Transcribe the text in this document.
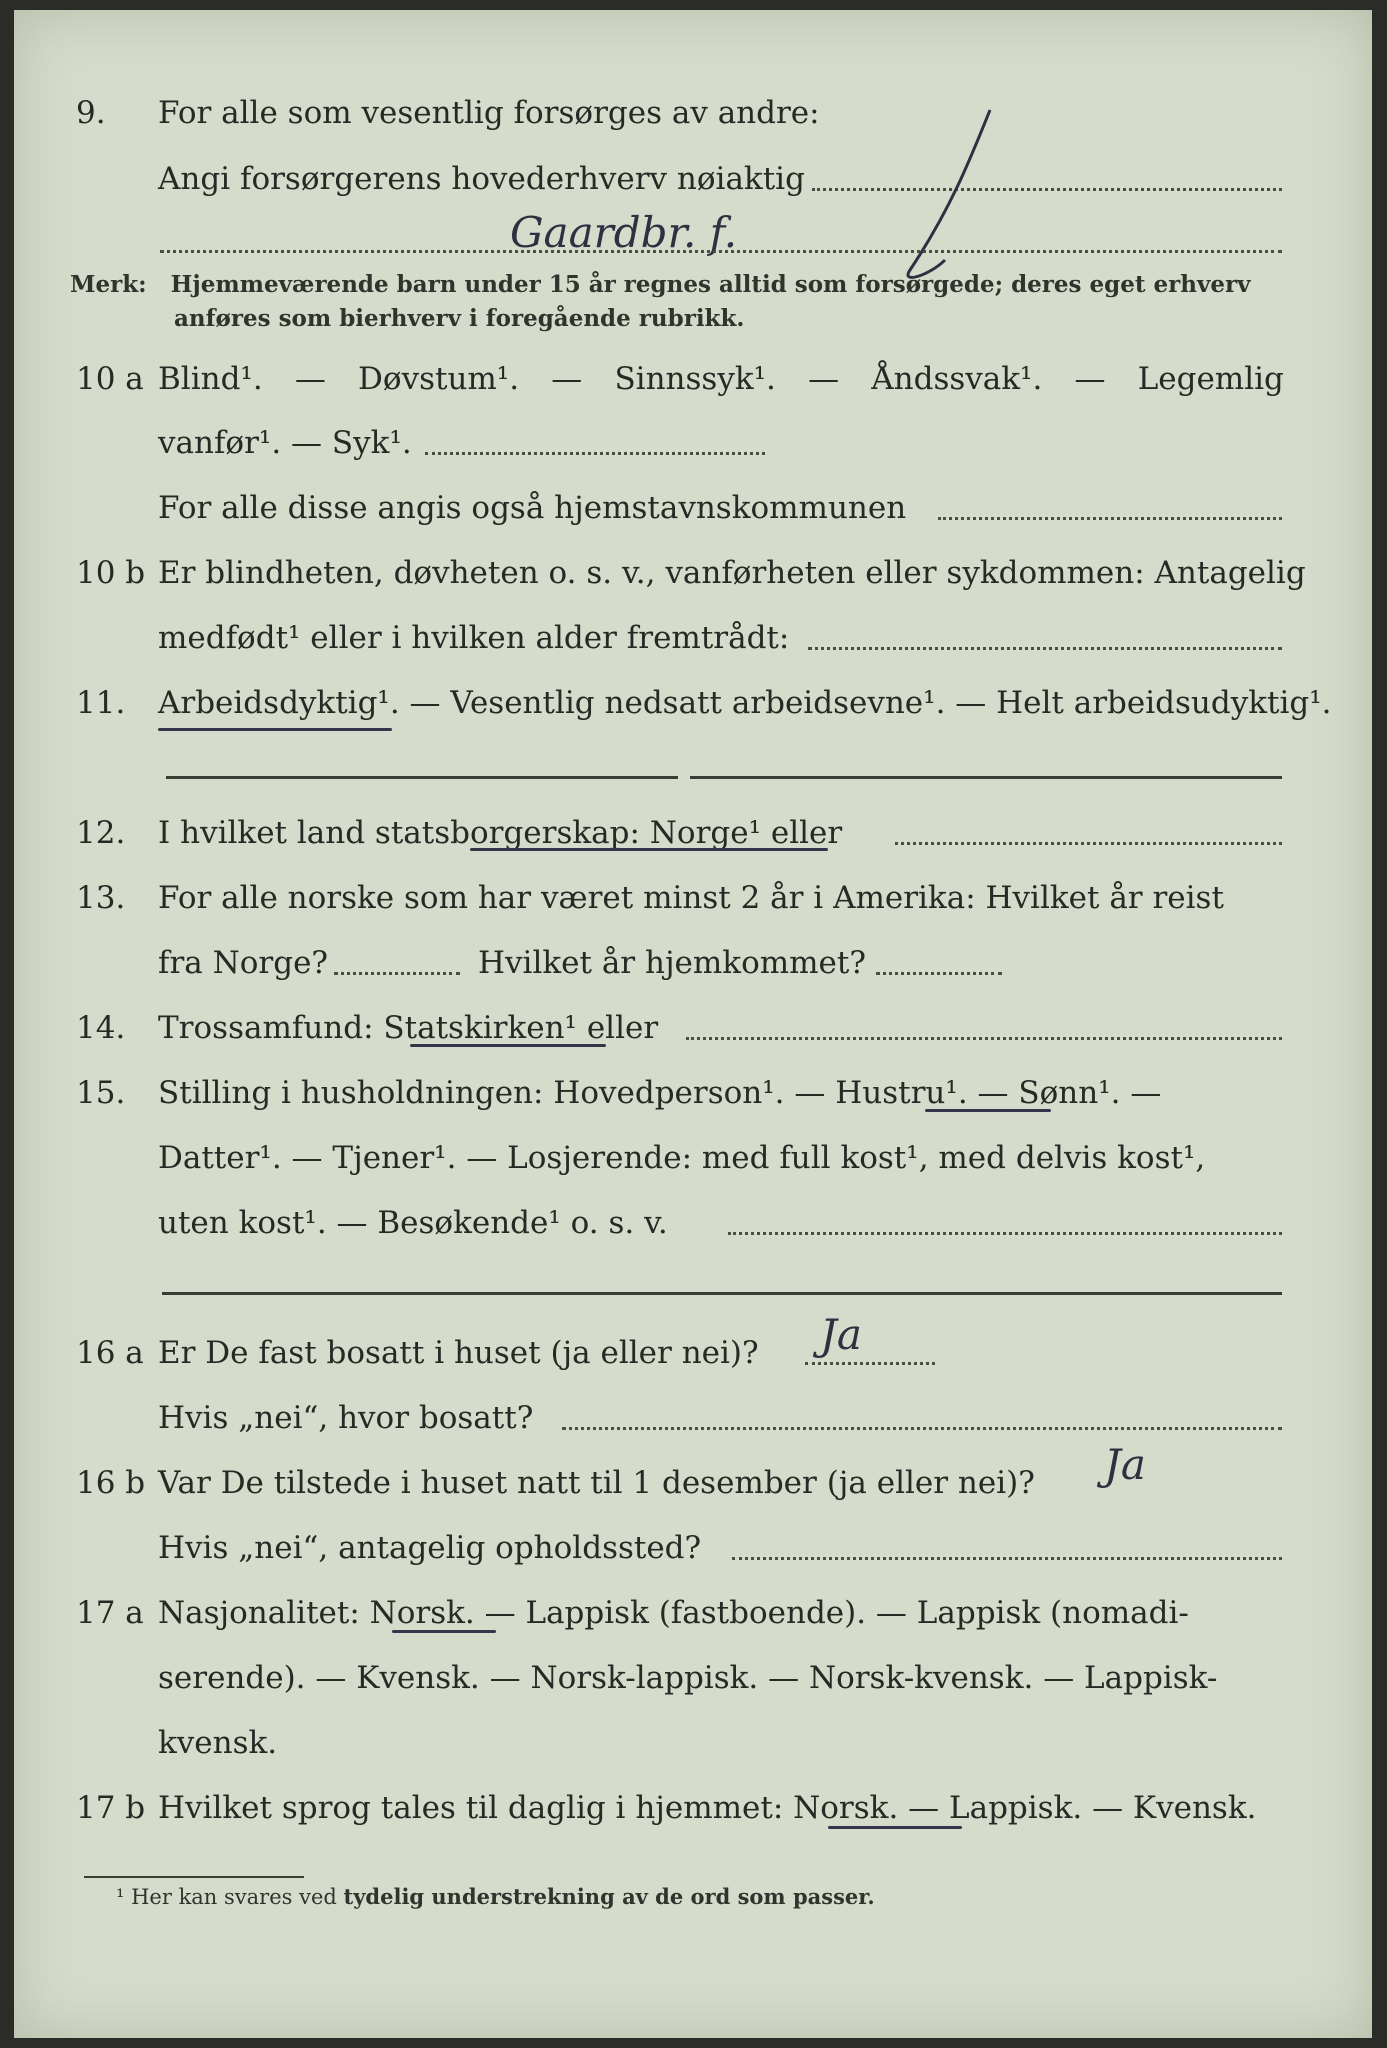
9. For alle som vesentlig forsørges av andre:
Angi forsørgerens hovederhverv nøiaktig
Gaardbr. f.
Merk: Hjemmeværende barn under 15 år regnes alltid som forsørgede; deres eget erhverv
anføres som bierhverv i foregående rubrikk.
10 a Blind¹. — Døvstum¹. — Sinnssyk¹. — Åndssvak¹. — Legemlig
vanfør¹. — Syk¹.
For alle disse angis også hjemstavnskommunen
10 b Er blindheten, døvheten o. s. v., vanførheten eller sykdommen: Antagelig
medfødt¹ eller i hvilken alder fremtrådt:
11. Arbeidsdyktig¹. — Vesentlig nedsatt arbeidsevne¹. — Helt arbeidsudyktig¹.
12. I hvilket land statsborgerskap: Norge¹ eller
13. For alle norske som har været minst 2 år i Amerika: Hvilket år reist
fra Norge?	Hvilket år hjemkommet?
14. Trossamfund: Statskirken¹ eller
15. Stilling i husholdningen: Hovedperson¹. — Hustru¹. — Sønn¹. —
Datter¹. — Tjener¹. — Losjerende: med full kost¹, med delvis kost¹,
uten kost¹. — Besøkende¹ o. s. v.
16 a Er De fast bosatt i huset (ja eller nei)? Ja
Hvis „nei“, hvor bosatt?
16 b Var De tilstede i huset natt til 1 desember (ja eller nei)? Ja
Hvis „nei“, antagelig opholdssted?
17 a Nasjonalitet: Norsk. — Lappisk (fastboende). — Lappisk (nomadi-
serende). — Kvensk. — Norsk-lappisk. — Norsk-kvensk. — Lappisk-
kvensk.
17 b Hvilket sprog tales til daglig i hjemmet: Norsk. — Lappisk. — Kvensk.
¹ Her kan svares ved tydelig understrekning av de ord som passer.
